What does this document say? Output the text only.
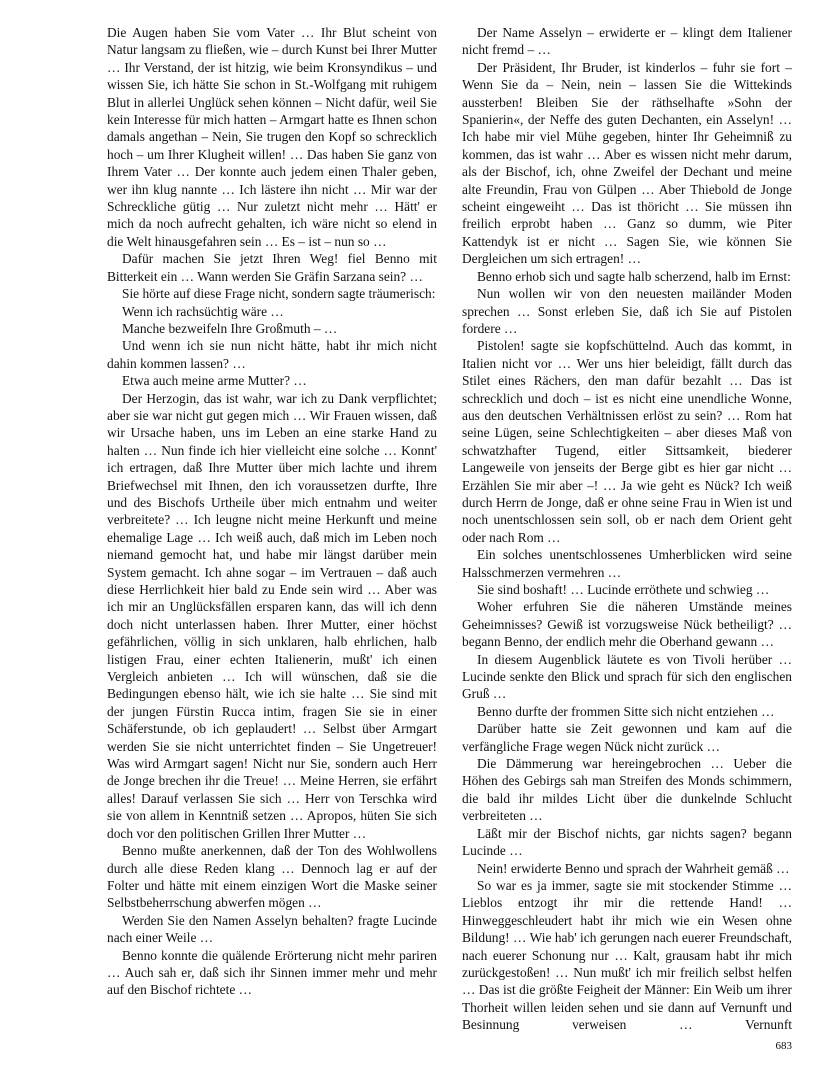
Die Augen haben Sie vom Vater … Ihr Blut scheint von Natur langsam zu fließen, wie – durch Kunst bei Ihrer Mutter … Ihr Verstand, der ist hitzig, wie beim Kronsyndikus – und wissen Sie, ich hätte Sie schon in St.-Wolfgang mit ruhigem Blut in allerlei Unglück sehen können – Nicht dafür, weil Sie kein Interesse für mich hatten – Armgart hatte es Ihnen schon damals angethan – Nein, Sie trugen den Kopf so schrecklich hoch – um Ihrer Klugheit willen! … Das haben Sie ganz von Ihrem Vater … Der konnte auch jedem einen Thaler geben, wer ihn klug nannte … Ich lästere ihn nicht … Mir war der Schreckliche gütig … Nur zuletzt nicht mehr … Hätt' er mich da noch aufrecht gehalten, ich wäre nicht so elend in die Welt hinausgefahren sein … Es – ist – nun so …

Dafür machen Sie jetzt Ihren Weg! fiel Benno mit Bitterkeit ein … Wann werden Sie Gräfin Sarzana sein? …

Sie hörte auf diese Frage nicht, sondern sagte träumerisch:

Wenn ich rachsüchtig wäre …

Manche bezweifeln Ihre Großmuth – …

Und wenn ich sie nun nicht hätte, habt ihr mich nicht dahin kommen lassen? …

Etwa auch meine arme Mutter? …

Der Herzogin, das ist wahr, war ich zu Dank verpflichtet; aber sie war nicht gut gegen mich … Wir Frauen wissen, daß wir Ursache haben, uns im Leben an eine starke Hand zu halten … Nun finde ich hier vielleicht eine solche … Konnt' ich ertragen, daß Ihre Mutter über mich lachte und ihrem Briefwechsel mit Ihnen, den ich voraussetzen durfte, Ihre und des Bischofs Urtheile über mich entnahm und weiter verbreitete? … Ich leugne nicht meine Herkunft und meine ehemalige Lage … Ich weiß auch, daß mich im Leben noch niemand gemocht hat, und habe mir längst darüber mein System gemacht. Ich ahne sogar – im Vertrauen – daß auch diese Herrlichkeit hier bald zu Ende sein wird … Aber was ich mir an Unglücksfällen ersparen kann, das will ich denn doch nicht unterlassen haben. Ihrer Mutter, einer höchst gefährlichen, völlig in sich unklaren, halb ehrlichen, halb listigen Frau, einer echten Italienerin, mußt' ich einen Vergleich anbieten … Ich will wünschen, daß sie die Bedingungen ebenso hält, wie ich sie halte … Sie sind mit der jungen Fürstin Rucca intim, fragen Sie sie in einer Schäferstunde, ob ich geplaudert! … Selbst über Armgart werden Sie sie nicht unterrichtet finden – Sie Ungetreuer! Was wird Armgart sagen! Nicht nur Sie, sondern auch Herr de Jonge brechen ihr die Treue! … Meine Herren, sie erfährt alles! Darauf verlassen Sie sich … Herr von Terschka wird sie von allem in Kenntniß setzen … Apropos, hüten Sie sich doch vor den politischen Grillen Ihrer Mutter …

Benno mußte anerkennen, daß der Ton des Wohlwollens durch alle diese Reden klang … Dennoch lag er auf der Folter und hätte mit einem einzigen Wort die Maske seiner Selbstbeherrschung abwerfen mögen …

Werden Sie den Namen Asselyn behalten? fragte Lucinde nach einer Weile …

Benno konnte die quälende Erörterung nicht mehr pariren … Auch sah er, daß sich ihr Sinnen immer mehr und mehr auf den Bischof richtete …

Der Name Asselyn – erwiderte er – klingt dem Italiener nicht fremd – …

Der Präsident, Ihr Bruder, ist kinderlos – fuhr sie fort – Wenn Sie da – Nein, nein – lassen Sie die Wittekinds aussterben! Bleiben Sie der räthselhafte »Sohn der Spanierin«, der Neffe des guten Dechanten, ein Asselyn! … Ich habe mir viel Mühe gegeben, hinter Ihr Geheimniß zu kommen, das ist wahr … Aber es wissen nicht mehr darum, als der Bischof, ich, ohne Zweifel der Dechant und meine alte Freundin, Frau von Gülpen … Aber Thiebold de Jonge scheint eingeweiht … Das ist thöricht … Sie müssen ihn freilich erprobt haben … Ganz so dumm, wie Piter Kattendyk ist er nicht … Sagen Sie, wie können Sie Dergleichen um sich ertragen! …

Benno erhob sich und sagte halb scherzend, halb im Ernst:

Nun wollen wir von den neuesten mailänder Moden sprechen … Sonst erleben Sie, daß ich Sie auf Pistolen fordere …

Pistolen! sagte sie kopfschüttelnd. Auch das kommt, in Italien nicht vor … Wer uns hier beleidigt, fällt durch das Stilet eines Rächers, den man dafür bezahlt … Das ist schrecklich und doch – ist es nicht eine unendliche Wonne, aus den deutschen Verhältnissen erlöst zu sein? … Rom hat seine Lügen, seine Schlechtigkeiten – aber dieses Maß von schwatzhafter Tugend, eitler Sittsamkeit, biederer Langeweile von jenseits der Berge gibt es hier gar nicht … Erzählen Sie mir aber –! … Ja wie geht es Nück? Ich weiß durch Herrn de Jonge, daß er ohne seine Frau in Wien ist und noch unentschlossen sein soll, ob er nach dem Orient geht oder nach Rom …

Ein solches unentschlossenes Umherblicken wird seine Halsschmerzen vermehren …

Sie sind boshaft! … Lucinde erröthete und schwieg …

Woher erfuhren Sie die näheren Umstände meines Geheimnisses? Gewiß ist vorzugsweise Nück betheiligt? … begann Benno, der endlich mehr die Oberhand gewann …

In diesem Augenblick läutete es von Tivoli herüber … Lucinde senkte den Blick und sprach für sich den englischen Gruß …

Benno durfte der frommen Sitte sich nicht entziehen …

Darüber hatte sie Zeit gewonnen und kam auf die verfängliche Frage wegen Nück nicht zurück …

Die Dämmerung war hereingebrochen … Ueber die Höhen des Gebirgs sah man Streifen des Monds schimmern, die bald ihr mildes Licht über die dunkelnde Schlucht verbreiteten …

Läßt mir der Bischof nichts, gar nichts sagen? begann Lucinde …

Nein! erwiderte Benno und sprach der Wahrheit gemäß …

So war es ja immer, sagte sie mit stockender Stimme … Lieblos entzogt ihr mir die rettende Hand! … Hinweggeschleudert habt ihr mich wie ein Wesen ohne Bildung! … Wie hab' ich gerungen nach euerer Freundschaft, nach euerer Schonung nur … Kalt, grausam habt ihr mich zurückgestoßen! … Nun mußt' ich mir freilich selbst helfen … Das ist die größte Feigheit der Männer: Ein Weib um ihrer Thorheit willen leiden sehen und sie dann auf Vernunft und Besinnung verweisen … Vernunft

683
